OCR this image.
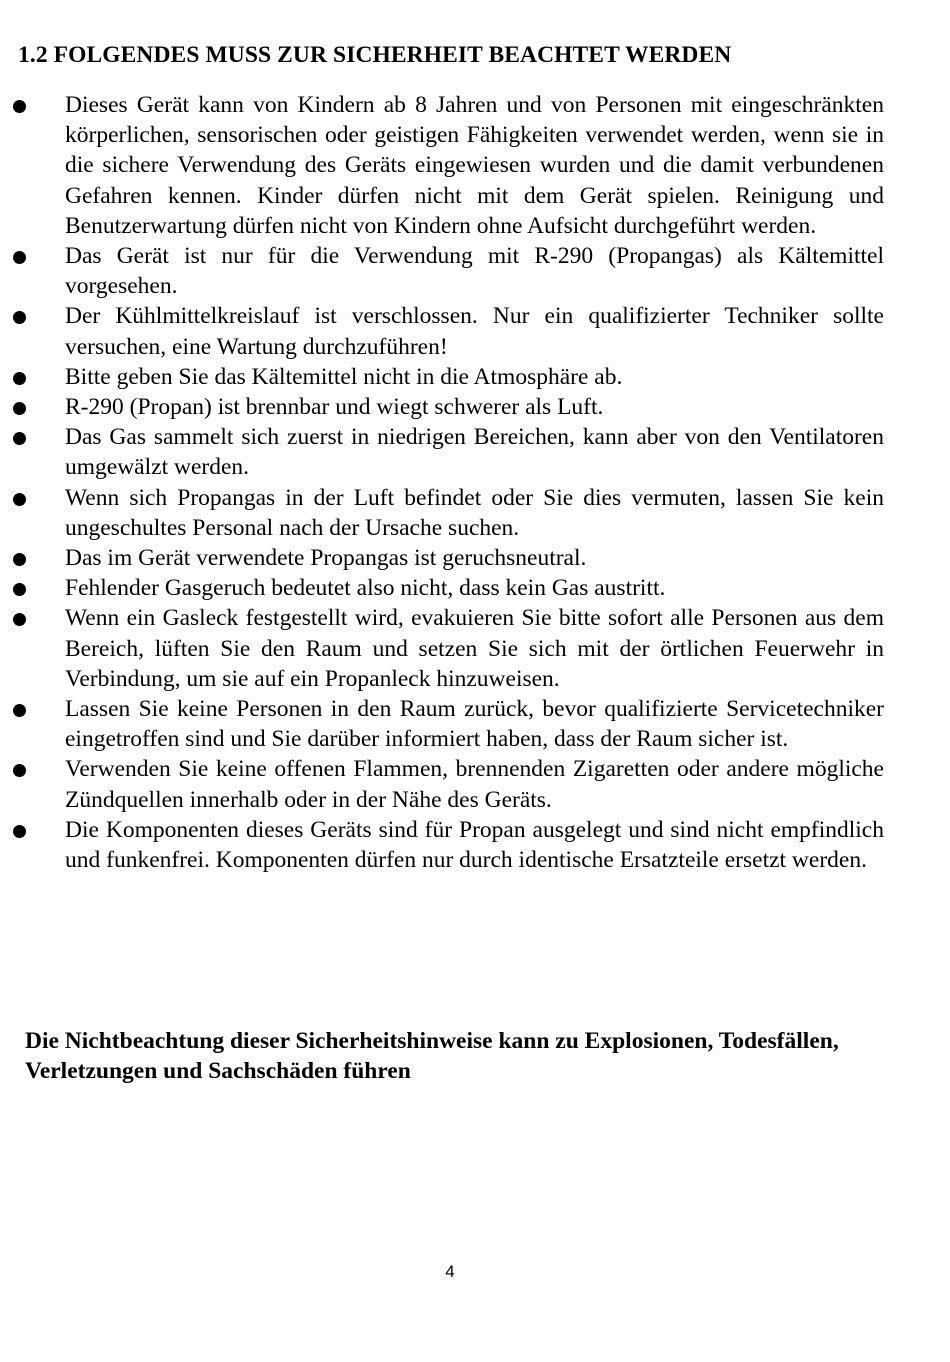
1.2 FOLGENDES MUSS ZUR SICHERHEIT BEACHTET WERDEN
Dieses Gerät kann von Kindern ab 8 Jahren und von Personen mit eingeschränkten körperlichen, sensorischen oder geistigen Fähigkeiten verwendet werden, wenn sie in die sichere Verwendung des Geräts eingewiesen wurden und die damit verbundenen Gefahren kennen. Kinder dürfen nicht mit dem Gerät spielen. Reinigung und Benutzerwartung dürfen nicht von Kindern ohne Aufsicht durchgeführt werden.
Das Gerät ist nur für die Verwendung mit R-290 (Propangas) als Kältemittel vorgesehen.
Der Kühlmittelkreislauf ist verschlossen. Nur ein qualifizierter Techniker sollte versuchen, eine Wartung durchzuführen!
Bitte geben Sie das Kältemittel nicht in die Atmosphäre ab.
R-290 (Propan) ist brennbar und wiegt schwerer als Luft.
Das Gas sammelt sich zuerst in niedrigen Bereichen, kann aber von den Ventilatoren umgewälzt werden.
Wenn sich Propangas in der Luft befindet oder Sie dies vermuten, lassen Sie kein ungeschultes Personal nach der Ursache suchen.
Das im Gerät verwendete Propangas ist geruchsneutral.
Fehlender Gasgeruch bedeutet also nicht, dass kein Gas austritt.
Wenn ein Gasleck festgestellt wird, evakuieren Sie bitte sofort alle Personen aus dem Bereich, lüften Sie den Raum und setzen Sie sich mit der örtlichen Feuerwehr in Verbindung, um sie auf ein Propanleck hinzuweisen.
Lassen Sie keine Personen in den Raum zurück, bevor qualifizierte Servicetechniker eingetroffen sind und Sie darüber informiert haben, dass der Raum sicher ist.
Verwenden Sie keine offenen Flammen, brennenden Zigaretten oder andere mögliche Zündquellen innerhalb oder in der Nähe des Geräts.
Die Komponenten dieses Geräts sind für Propan ausgelegt und sind nicht empfindlich und funkenfrei. Komponenten dürfen nur durch identische Ersatzteile ersetzt werden.

Die Nichtbeachtung dieser Sicherheitshinweise kann zu Explosionen, Todesfällen, Verletzungen und Sachschäden führen

4
